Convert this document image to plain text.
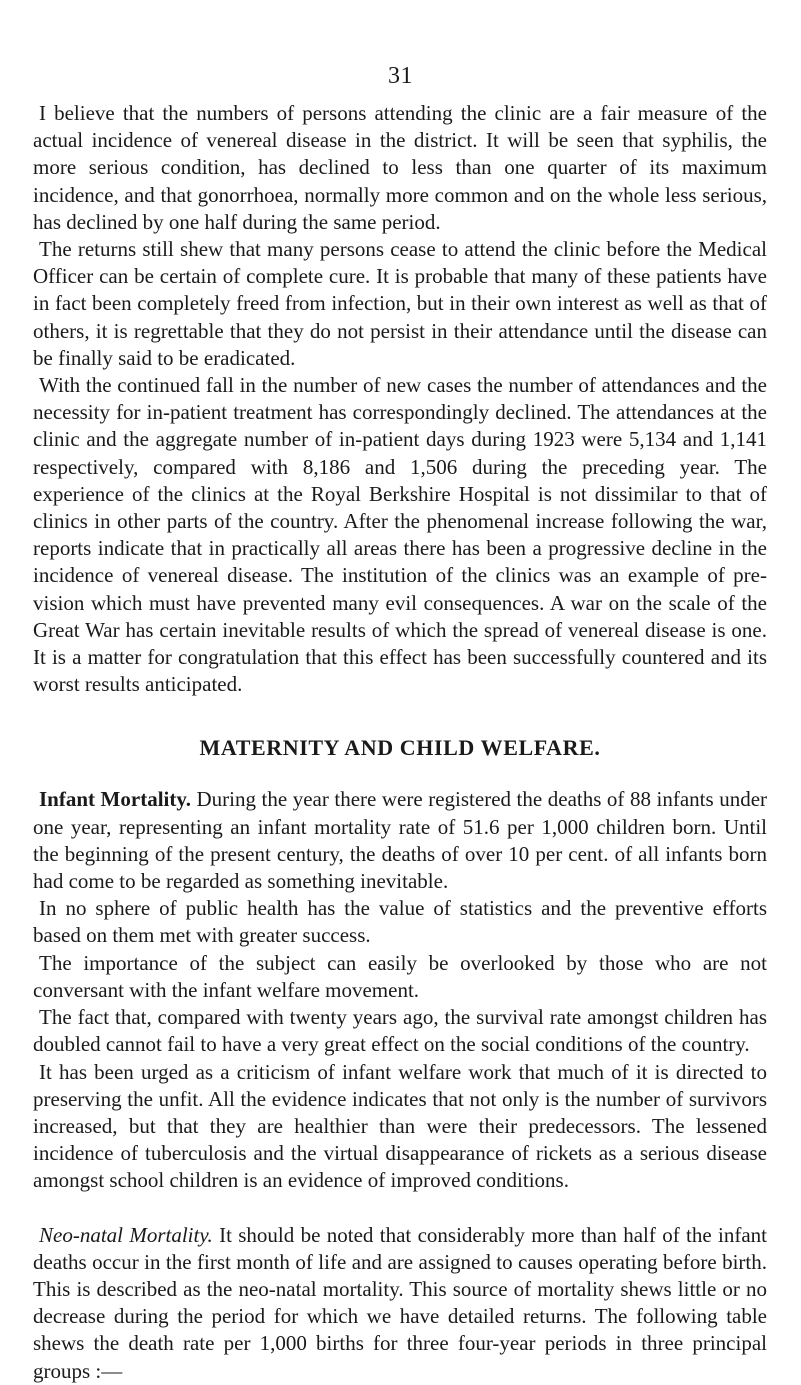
31

I believe that the numbers of persons attending the clinic are a fair measure of the actual incidence of venereal disease in the district. It will be seen that syphilis, the more serious condition, has declined to less than one quarter of its maximum incidence, and that gonorrhoea, normally more common and on the whole less serious, has declined by one half during the same period.

The returns still shew that many persons cease to attend the clinic before the Medical Officer can be certain of complete cure. It is probable that many of these patients have in fact been completely freed from infection, but in their own interest as well as that of others, it is regrettable that they do not persist in their attendance until the disease can be finally said to be eradicated.

With the continued fall in the number of new cases the number of attendances and the necessity for in-patient treatment has correspondingly declined. The attendances at the clinic and the aggregate number of in-patient days during 1923 were 5,134 and 1,141 respectively, compared with 8,186 and 1,506 during the preceding year. The experience of the clinics at the Royal Berkshire Hospital is not dissimilar to that of clinics in other parts of the country. After the phenomenal increase following the war, reports indicate that in practically all areas there has been a progressive decline in the incidence of venereal disease. The institution of the clinics was an example of pre-vision which must have prevented many evil consequences. A war on the scale of the Great War has certain inevitable results of which the spread of venereal disease is one. It is a matter for congratulation that this effect has been successfully countered and its worst results anticipated.

MATERNITY AND CHILD WELFARE.

Infant Mortality. During the year there were registered the deaths of 88 infants under one year, representing an infant mortality rate of 51.6 per 1,000 children born. Until the beginning of the present century, the deaths of over 10 per cent. of all infants born had come to be regarded as something inevitable.

In no sphere of public health has the value of statistics and the preventive efforts based on them met with greater success.

The importance of the subject can easily be overlooked by those who are not conversant with the infant welfare movement.

The fact that, compared with twenty years ago, the survival rate amongst children has doubled cannot fail to have a very great effect on the social conditions of the country.

It has been urged as a criticism of infant welfare work that much of it is directed to preserving the unfit. All the evidence indicates that not only is the number of survivors increased, but that they are healthier than were their predecessors. The lessened incidence of tuberculosis and the virtual disappearance of rickets as a serious disease amongst school children is an evidence of improved conditions.

Neo-natal Mortality. It should be noted that considerably more than half of the infant deaths occur in the first month of life and are assigned to causes operating before birth. This is described as the neo-natal mortality. This source of mortality shews little or no decrease during the period for which we have detailed returns. The following table shews the death rate per 1,000 births for three four-year periods in three principal groups :—
